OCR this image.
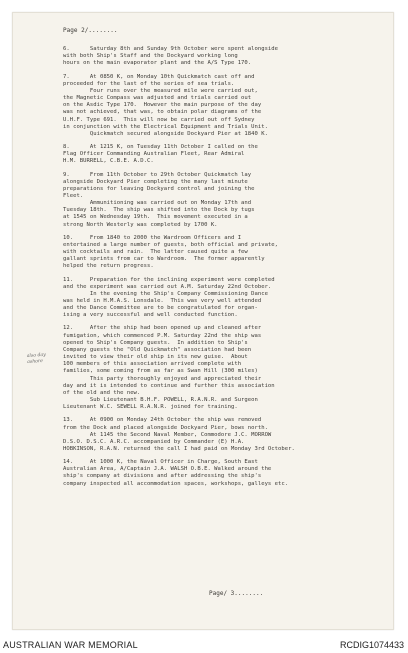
Page 2/........
6.      Saturday 8th and Sunday 9th October were spent alongside
with both Ship's Staff and the Dockyard working long
hours on the main evaporator plant and the A/S Type 170.
7.      At 0850 K, on Monday 10th Quickmatch cast off and
proceeded for the last of the series of sea trials.
Four runs over the measured mile were carried out,
the Magnetic Compass was adjusted and trials carried out
on the Asdic Type 170.  However the main purpose of the day
was not achieved, that was, to obtain polar diagrams of the
U.H.F. Type 691.  This will now be carried out off Sydney
in conjunction with the Electrical Equipment and Trials Unit.
Quickmatch secured alongside Dockyard Pier at 1840 K.
8.      At 1215 K, on Tuesday 11th October I called on the
Flag Officer Commanding Australian Fleet, Rear Admiral
H.M. BURRELL, C.B.E. A.D.C.
9.      From 11th October to 29th October Quickmatch lay
alongside Dockyard Pier completing the many last minute
preparations for leaving Dockyard control and joining the
Fleet.
Ammunitioning was carried out on Monday 17th and
Tuesday 18th.  The ship was shifted into the Dock by tugs
at 1545 on Wednesday 19th.  This movement executed in a
strong North Westerly was completed by 1700 K.
10.     From 1840 to 2000 the Wardroom Officers and I
entertained a large number of guests, both official and private,
with cocktails and rain.  The latter caused quite a few
gallant sprints from car to Wardroom.  The former apparently
helped the return progress.
11.     Preparation for the inclining experiment were completed
and the experiment was carried out A.M. Saturday 22nd October.
In the evening the Ship's Company Commissioning Dance
was held in H.M.A.S. Lonsdale.  This was very well attended
and the Dance Committee are to be congratulated for organ-
ising a very successful and well conducted function.
12.     After the ship had been opened up and cleaned after
fumigation, which commenced P.M. Saturday 22nd the ship was
opened to Ship's Company guests.  In addition to Ship's
Company guests the "Old Quickmatch" association had been
invited to view their old ship in its new guise.  About
100 members of this association arrived complete with
families, some coming from as far as Swan Hill (300 miles)
This party thoroughly enjoyed and appreciated their
day and it is intended to continue and further this association
of the old and the new.
Sub Lieutenant B.H.F. POWELL, R.A.N.R. and Surgeon
Lieutenant W.C. SEWELL R.A.N.R. joined for training.
13.     At 0900 on Monday 24th October the ship was removed
from the Dock and placed alongside Dockyard Pier, bows north.
At 1145 the Second Naval Member, Commodore J.C. MORROW
D.S.O. D.S.C. A.R.C. accompanied by Commander (E) H.A.
HOBKINSON, R.A.N. returned the call I had paid on Monday 3rd October.
14.     At 1000 K, the Naval Officer in Charge, South East
Australian Area, A/Captain J.A. WALSH O.B.E. Walked around the
ship's company at divisions and after addressing the ship's
company inspected all accommodation spaces, workshops, galleys etc.
also day ashore
Page/ 3........
AUSTRALIAN WAR MEMORIAL	RCDIG1074433
